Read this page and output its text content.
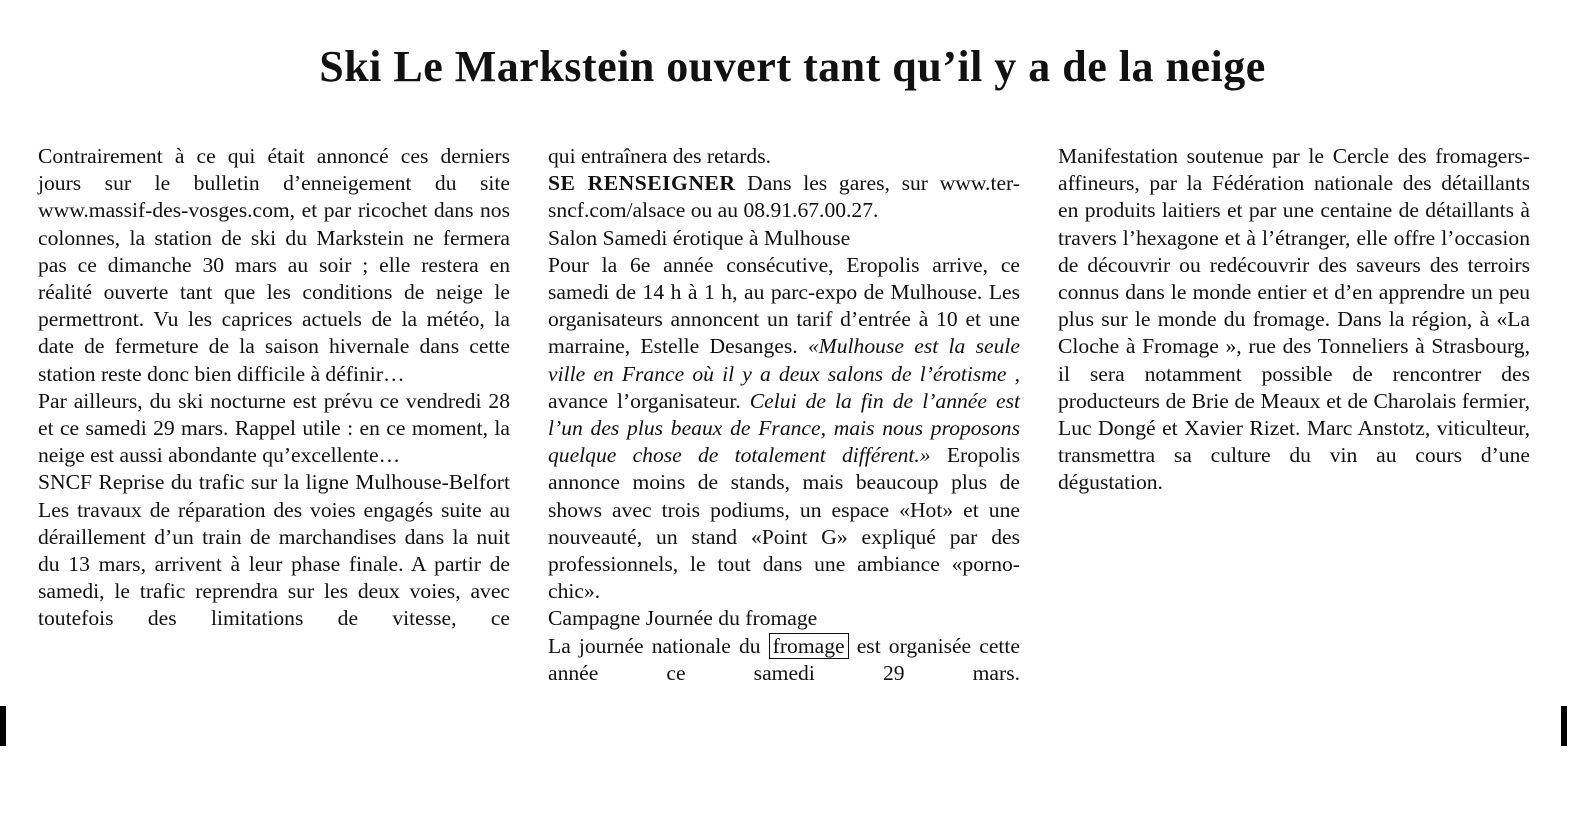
Ski Le Markstein ouvert tant qu’il y a de la neige

Contrairement à ce qui était annoncé ces derniers jours sur le bulletin d’enneigement du site www.massif-des-vosges.com, et par ricochet dans nos colonnes, la station de ski du Markstein ne fermera pas ce dimanche 30 mars au soir ; elle restera en réalité ouverte tant que les conditions de neige le permettront. Vu les caprices actuels de la météo, la date de fermeture de la saison hivernale dans cette station reste donc bien difficile à définir…

Par ailleurs, du ski nocturne est prévu ce vendredi 28 et ce samedi 29 mars. Rappel utile : en ce moment, la neige est aussi abondante qu’excellente…

SNCF Reprise du trafic sur la ligne Mulhouse-Belfort

Les travaux de réparation des voies engagés suite au déraillement d’un train de marchandises dans la nuit du 13 mars, arrivent à leur phase finale. A partir de samedi, le trafic reprendra sur les deux voies, avec toutefois des limitations de vitesse, ce

qui entraînera des retards.

SE RENSEIGNER Dans les gares, sur www.ter-sncf.com/alsace ou au 08.91.67.00.27.

Salon Samedi érotique à Mulhouse

Pour la 6e année consécutive, Eropolis arrive, ce samedi de 14 h à 1 h, au parc-expo de Mulhouse. Les organisateurs annoncent un tarif d’entrée à 10 et une marraine, Estelle Desanges. «Mulhouse est la seule ville en France où il y a deux salons de l’érotisme , avance l’organisateur. Celui de la fin de l’année est l’un des plus beaux de France, mais nous proposons quelque chose de totalement différent.» Eropolis annonce moins de stands, mais beaucoup plus de shows avec trois podiums, un espace «Hot» et une nouveauté, un stand «Point G» expliqué par des professionnels, le tout dans une ambiance «porno-chic».

Campagne Journée du fromage

La journée nationale du fromage est organisée cette année ce samedi 29 mars.

Manifestation soutenue par le Cercle des fromagers-affineurs, par la Fédération nationale des détaillants en produits laitiers et par une centaine de détaillants à travers l’hexagone et à l’étranger, elle offre l’occasion de découvrir ou redécouvrir des saveurs des terroirs connus dans le monde entier et d’en apprendre un peu plus sur le monde du fromage. Dans la région, à «La Cloche à Fromage », rue des Tonneliers à Strasbourg, il sera notamment possible de rencontrer des producteurs de Brie de Meaux et de Charolais fermier, Luc Dongé et Xavier Rizet. Marc Anstotz, viticulteur, transmettra sa culture du vin au cours d’une dégustation.
